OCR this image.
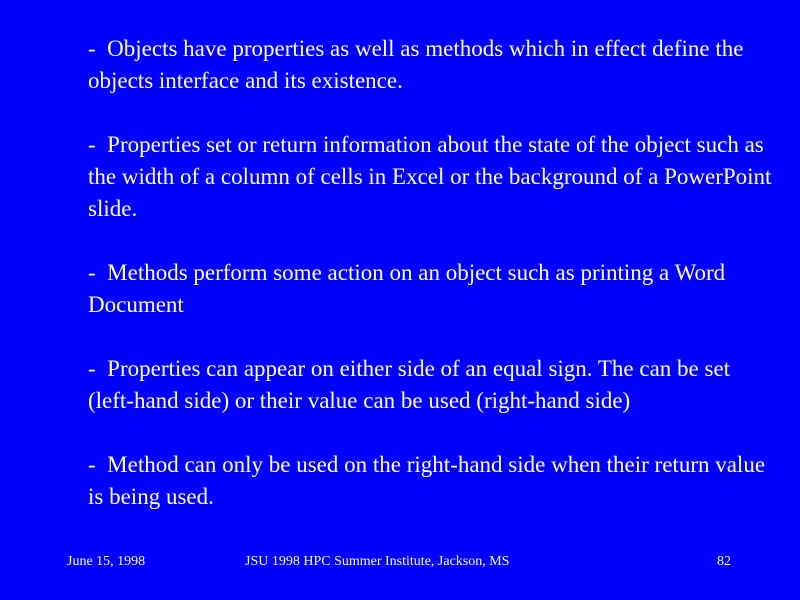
-  Objects have properties as well as methods which in effect define the objects interface and its existence.

-  Properties set or return information about the state of the object such as the width of a column of cells in Excel or the background of a PowerPoint slide.

-  Methods perform some action on an object such as printing a Word Document

-  Properties can appear on either side of an equal sign. The can be set (left-hand side) or their value can be used (right-hand side)

-  Method can only be used on the right-hand side when their return value is being used.

June 15, 1998	JSU 1998 HPC Summer Institute, Jackson, MS	82
